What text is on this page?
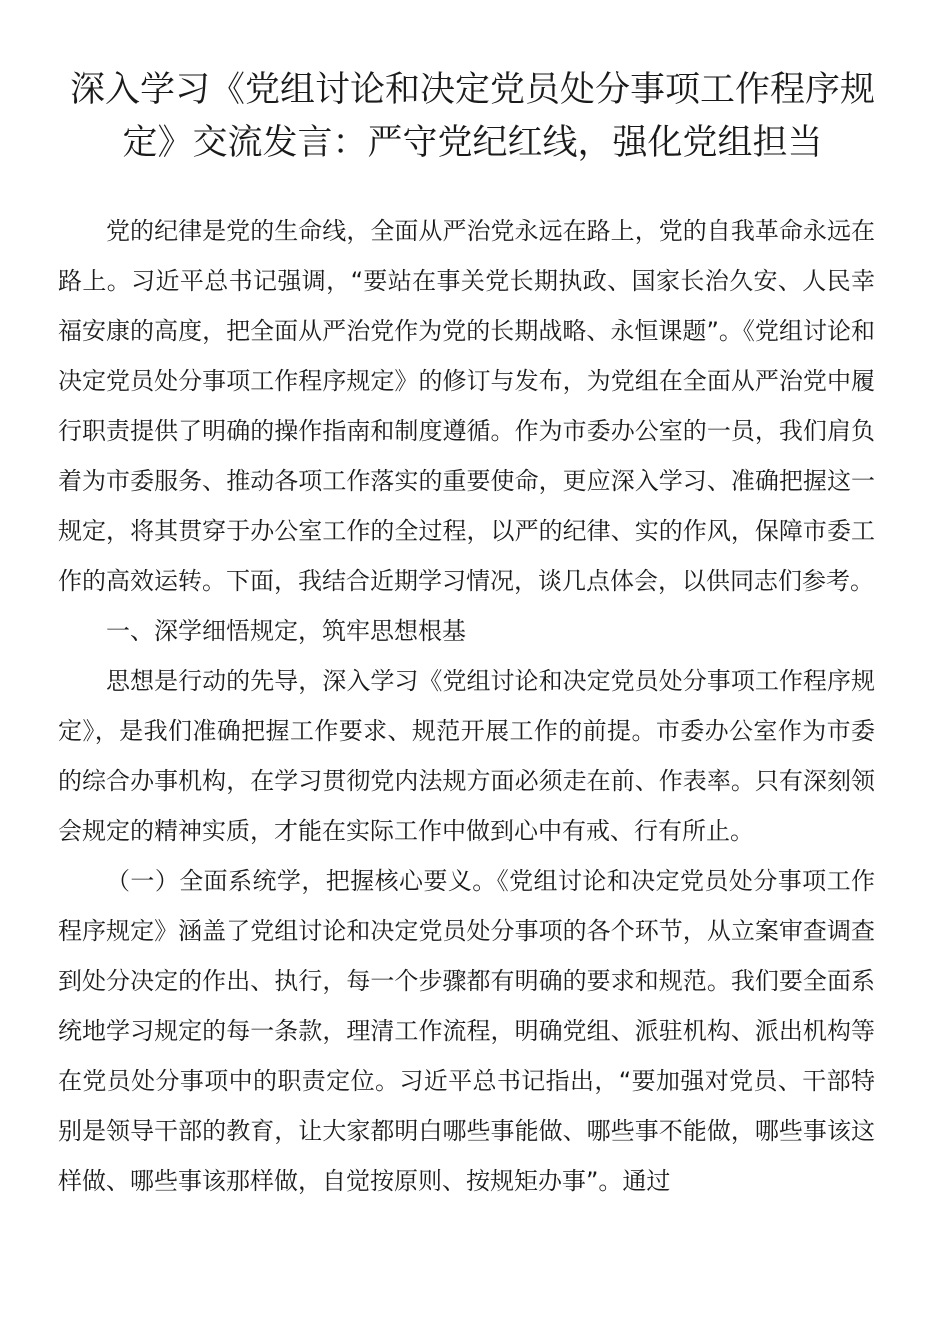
深入学习《党组讨论和决定党员处分事项工作程序规定》交流发言：严守党纪红线，强化党组担当

党的纪律是党的生命线，全面从严治党永远在路上，党的自我革命永远在路上。习近平总书记强调，“要站在事关党长期执政、国家长治久安、人民幸福安康的高度，把全面从严治党作为党的长期战略、永恒课题”。《党组讨论和决定党员处分事项工作程序规定》的修订与发布，为党组在全面从严治党中履行职责提供了明确的操作指南和制度遵循。作为市委办公室的一员，我们肩负着为市委服务、推动各项工作落实的重要使命，更应深入学习、准确把握这一规定，将其贯穿于办公室工作的全过程，以严的纪律、实的作风，保障市委工作的高效运转。下面，我结合近期学习情况，谈几点体会，以供同志们参考。

一、深学细悟规定，筑牢思想根基

思想是行动的先导，深入学习《党组讨论和决定党员处分事项工作程序规定》，是我们准确把握工作要求、规范开展工作的前提。市委办公室作为市委的综合办事机构，在学习贯彻党内法规方面必须走在前、作表率。只有深刻领会规定的精神实质，才能在实际工作中做到心中有戒、行有所止。

（一）全面系统学，把握核心要义。《党组讨论和决定党员处分事项工作程序规定》涵盖了党组讨论和决定党员处分事项的各个环节，从立案审查调查到处分决定的作出、执行，每一个步骤都有明确的要求和规范。我们要全面系统地学习规定的每一条款，理清工作流程，明确党组、派驻机构、派出机构等在党员处分事项中的职责定位。习近平总书记指出，“要加强对党员、干部特别是领导干部的教育，让大家都明白哪些事能做、哪些事不能做，哪些事该这样做、哪些事该那样做，自觉按原则、按规矩办事”。通过
